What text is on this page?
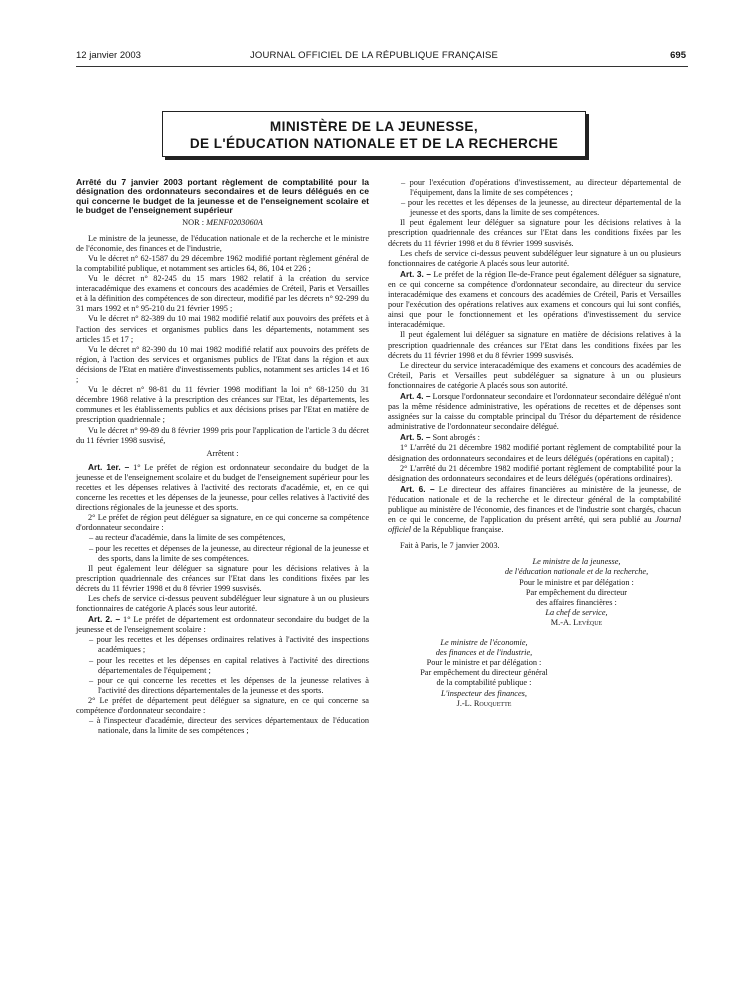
12 janvier 2003	JOURNAL OFFICIEL DE LA RÉPUBLIQUE FRANÇAISE	695
MINISTÈRE DE LA JEUNESSE,
DE L'ÉDUCATION NATIONALE ET DE LA RECHERCHE

Arrêté du 7 janvier 2003 portant règlement de comptabilité pour la désignation des ordonnateurs secondaires et de leurs délégués en ce qui concerne le budget de la jeunesse et de l'enseignement scolaire et le budget de l'enseignement supérieur

NOR : MENF0203060A

Le ministre de la jeunesse, de l'éducation nationale et de la recherche et le ministre de l'économie, des finances et de l'industrie,

Vu le décret n° 62-1587 du 29 décembre 1962 modifié portant règlement général de la comptabilité publique, et notamment ses articles 64, 86, 104 et 226 ;

Vu le décret n° 82-245 du 15 mars 1982 relatif à la création du service interacadémique des examens et concours des académies de Créteil, Paris et Versailles et à la définition des compétences de son directeur, modifié par les décrets n° 92-299 du 31 mars 1992 et n° 95-210 du 21 février 1995 ;

Vu le décret n° 82-389 du 10 mai 1982 modifié relatif aux pouvoirs des préfets et à l'action des services et organismes publics dans les départements, notamment ses articles 15 et 17 ;

Vu le décret n° 82-390 du 10 mai 1982 modifié relatif aux pouvoirs des préfets de région, à l'action des services et organismes publics de l'Etat dans la région et aux décisions de l'Etat en matière d'investissements publics, notamment ses articles 14 et 16 ;

Vu le décret n° 98-81 du 11 février 1998 modifiant la loi n° 68-1250 du 31 décembre 1968 relative à la prescription des créances sur l'Etat, les départements, les communes et les établissements publics et aux décisions prises par l'Etat en matière de prescription quadriennale ;

Vu le décret n° 99-89 du 8 février 1999 pris pour l'application de l'article 3 du décret du 11 février 1998 susvisé,

Arrêtent :

Art. 1er. – 1° Le préfet de région est ordonnateur secondaire du budget de la jeunesse et de l'enseignement scolaire et du budget de l'enseignement supérieur pour les recettes et les dépenses relatives à l'activité des rectorats d'académie, et, en ce qui concerne les recettes et les dépenses de la jeunesse, pour celles relatives à l'activité des directions régionales de la jeunesse et des sports.

2° Le préfet de région peut déléguer sa signature, en ce qui concerne sa compétence d'ordonnateur secondaire :

– au recteur d'académie, dans la limite de ses compétences,
– pour les recettes et dépenses de la jeunesse, au directeur régional de la jeunesse et des sports, dans la limite de ses compétences.

Il peut également leur déléguer sa signature pour les décisions relatives à la prescription quadriennale des créances sur l'Etat dans les conditions fixées par les décrets du 11 février 1998 et du 8 février 1999 susvisés.

Les chefs de service ci-dessus peuvent subdéléguer leur signature à un ou plusieurs fonctionnaires de catégorie A placés sous leur autorité.

Art. 2. – 1° Le préfet de département est ordonnateur secondaire du budget de la jeunesse et de l'enseignement scolaire :

– pour les recettes et les dépenses ordinaires relatives à l'activité des inspections académiques ;
– pour les recettes et les dépenses en capital relatives à l'activité des directions départementales de l'équipement ;
– pour ce qui concerne les recettes et les dépenses de la jeunesse relatives à l'activité des directions départementales de la jeunesse et des sports.

2° Le préfet de département peut déléguer sa signature, en ce qui concerne sa compétence d'ordonnateur secondaire :

– à l'inspecteur d'académie, directeur des services départementaux de l'éducation nationale, dans la limite de ses compétences ;
– pour l'exécution d'opérations d'investissement, au directeur départemental de l'équipement, dans la limite de ses compétences ;
– pour les recettes et les dépenses de la jeunesse, au directeur départemental de la jeunesse et des sports, dans la limite de ses compétences.

Il peut également leur déléguer sa signature pour les décisions relatives à la prescription quadriennale des créances sur l'Etat dans les conditions fixées par les décrets du 11 février 1998 et du 8 février 1999 susvisés.

Les chefs de service ci-dessus peuvent subdéléguer leur signature à un ou plusieurs fonctionnaires de catégorie A placés sous leur autorité.

Art. 3. – Le préfet de la région Ile-de-France peut également déléguer sa signature, en ce qui concerne sa compétence d'ordonnateur secondaire, au directeur du service interacadémique des examens et concours des académies de Créteil, Paris et Versailles pour l'exécution des opérations relatives aux examens et concours qui lui sont confiés, ainsi que pour le fonctionnement et les opérations d'investissement du service interacadémique.

Il peut également lui déléguer sa signature en matière de décisions relatives à la prescription quadriennale des créances sur l'Etat dans les conditions fixées par les décrets du 11 février 1998 et du 8 février 1999 susvisés.

Le directeur du service interacadémique des examens et concours des académies de Créteil, Paris et Versailles peut subdéléguer sa signature à un ou plusieurs fonctionnaires de catégorie A placés sous son autorité.

Art. 4. – Lorsque l'ordonnateur secondaire et l'ordonnateur secondaire délégué n'ont pas la même résidence administrative, les opérations de recettes et de dépenses sont assignées sur la caisse du comptable principal du Trésor du département de résidence administrative de l'ordonnateur secondaire délégué.

Art. 5. – Sont abrogés :

1° L'arrêté du 21 décembre 1982 modifié portant règlement de comptabilité pour la désignation des ordonnateurs secondaires et de leurs délégués (opérations en capital) ;

2° L'arrêté du 21 décembre 1982 modifié portant règlement de comptabilité pour la désignation des ordonnateurs secondaires et de leurs délégués (opérations ordinaires).

Art. 6. – Le directeur des affaires financières au ministère de la jeunesse, de l'éducation nationale et de la recherche et le directeur général de la comptabilité publique au ministère de l'économie, des finances et de l'industrie sont chargés, chacun en ce qui le concerne, de l'application du présent arrêté, qui sera publié au Journal officiel de la République française.

Fait à Paris, le 7 janvier 2003.

Le ministre de la jeunesse,

de l'éducation nationale et de la recherche,

Pour le ministre et par délégation :

Par empêchement du directeur

des affaires financières :

La chef de service,

M.-A. Levêque

Le ministre de l'économie,

des finances et de l'industrie,

Pour le ministre et par délégation :

Par empêchement du directeur général

de la comptabilité publique :

L'inspecteur des finances,

J.-L. Rouquette
